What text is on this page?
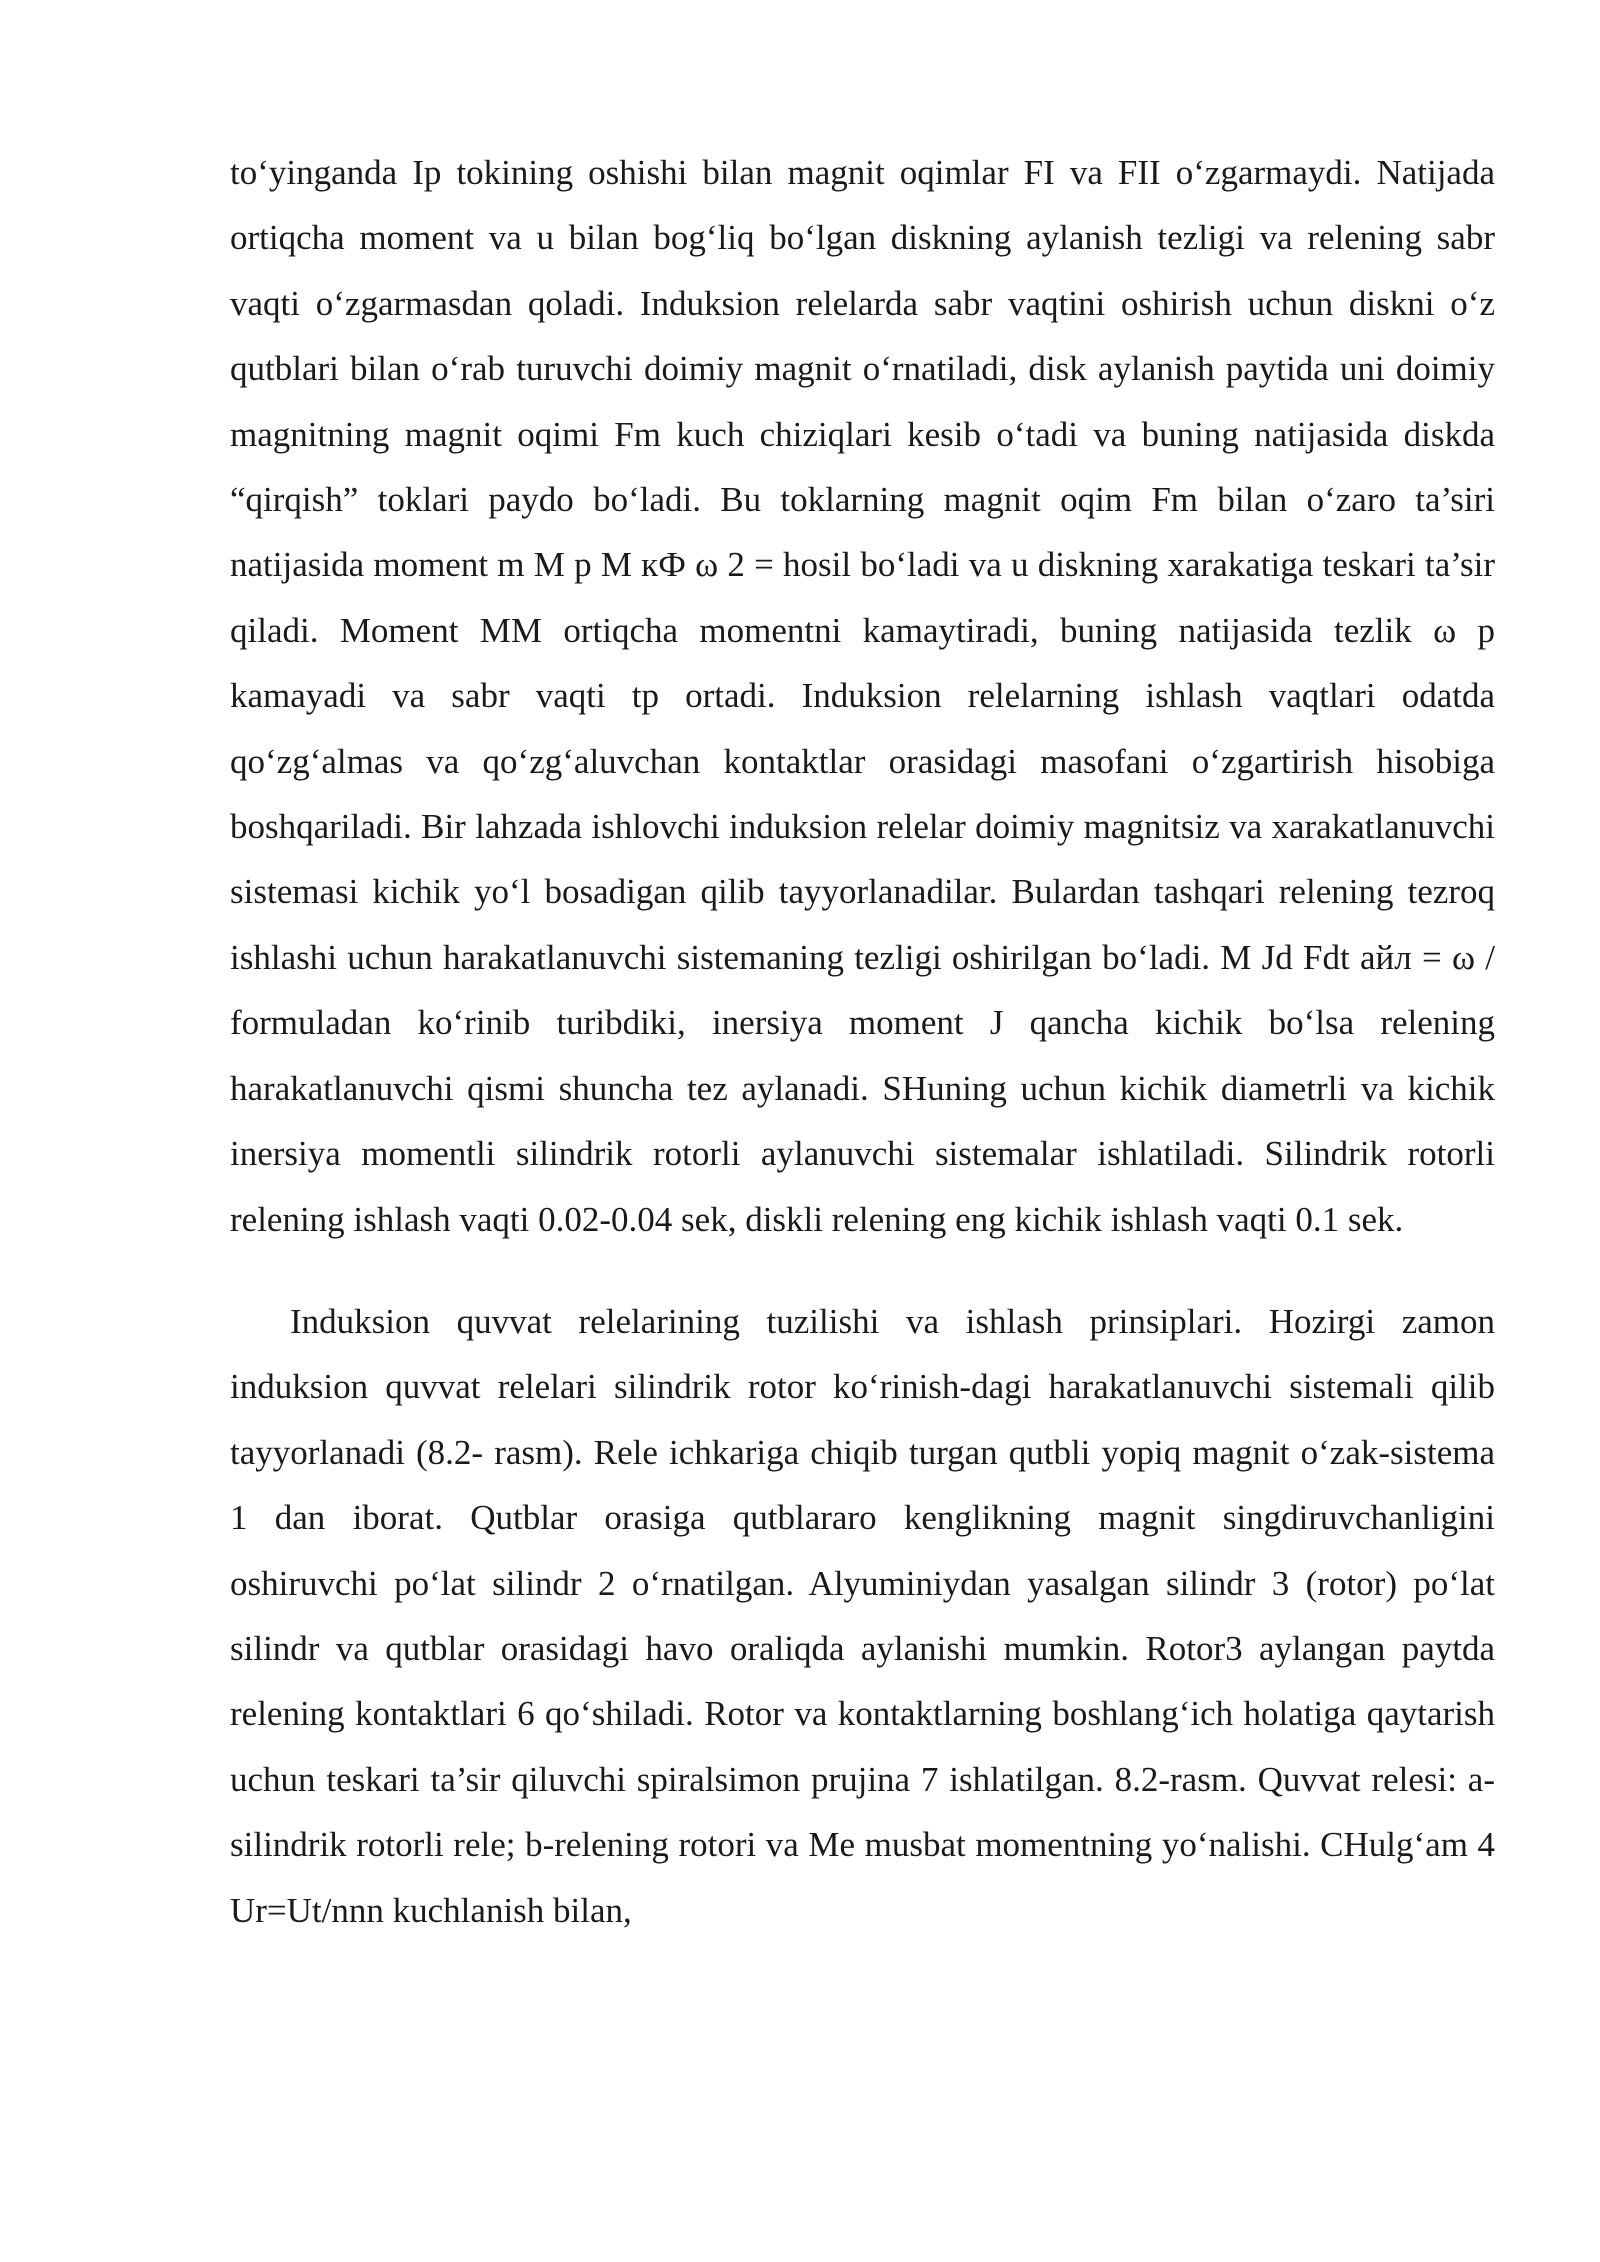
to‘yinganda Ip tokining oshishi bilan magnit oqimlar FI va FII o‘zgarmaydi. Natijada ortiqcha moment va u bilan bog‘liq bo‘lgan diskning aylanish tezligi va relening sabr vaqti o‘zgarmasdan qoladi. Induksion relelarda sabr vaqtini oshirish uchun diskni o‘z qutblari bilan o‘rab turuvchi doimiy magnit o‘rnatiladi, disk aylanish paytida uni doimiy magnitning magnit oqimi Fm kuch chiziqlari kesib o‘tadi va buning natijasida diskda “qirqish” toklari paydo bo‘ladi. Bu toklarning magnit oqim Fm bilan o‘zaro ta’siri natijasida moment m M p M кФ ω 2 = hosil bo‘ladi va u diskning xarakatiga teskari ta’sir qiladi. Moment MM ortiqcha momentni kamaytiradi, buning natijasida tezlik ω p kamayadi va sabr vaqti tp ortadi. Induksion relelarning ishlash vaqtlari odatda qo‘zg‘almas va qo‘zg‘aluvchan kontaktlar orasidagi masofani o‘zgartirish hisobiga boshqariladi. Bir lahzada ishlovchi induksion relelar doimiy magnitsiz va xarakatlanuvchi sistemasi kichik yo‘l bosadigan qilib tayyorlanadilar. Bulardan tashqari relening tezroq ishlashi uchun harakatlanuvchi sistemaning tezligi oshirilgan bo‘ladi. M Jd Fdt айл = ω / formuladan ko‘rinib turibdiki, inersiya moment J qancha kichik bo‘lsa relening harakatlanuvchi qismi shuncha tez aylanadi. SHuning uchun kichik diametrli va kichik inersiya momentli silindrik rotorli aylanuvchi sistemalar ishlatiladi. Silindrik rotorli relening ishlash vaqti 0.02-0.04 sek, diskli relening eng kichik ishlash vaqti 0.1 sek.

Induksion quvvat relelarining tuzilishi va ishlash prinsiplari. Hozirgi zamon induksion quvvat relelari silindrik rotor ko‘rinish-dagi harakatlanuvchi sistemali qilib tayyorlanadi (8.2- rasm). Rele ichkariga chiqib turgan qutbli yopiq magnit o‘zak-sistema 1 dan iborat. Qutblar orasiga qutblararo kenglikning magnit singdiruvchanligini oshiruvchi po‘lat silindr 2 o‘rnatilgan. Alyuminiydan yasalgan silindr 3 (rotor) po‘lat silindr va qutblar orasidagi havo oraliqda aylanishi mumkin. Rotor3 aylangan paytda relening kontaktlari 6 qo‘shiladi. Rotor va kontaktlarning boshlang‘ich holatiga qaytarish uchun teskari ta’sir qiluvchi spiralsimon prujina 7 ishlatilgan. 8.2-rasm. Quvvat relesi: a-silindrik rotorli rele; b-relening rotori va Me musbat momentning yo‘nalishi. CHulg‘am 4 Ur=Ut/nnn kuchlanish bilan,
